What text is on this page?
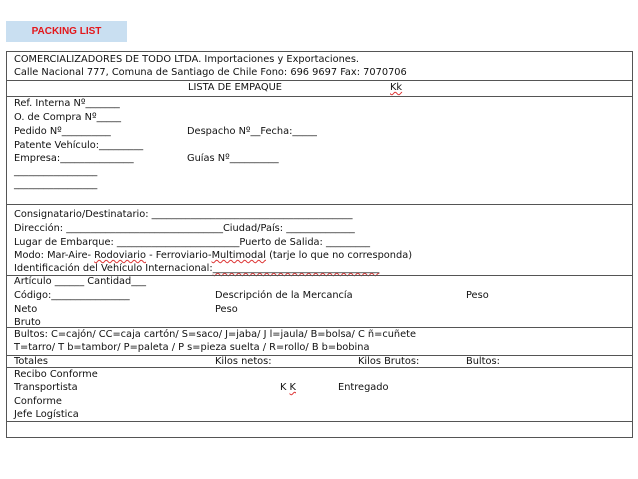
PACKING LIST
COMERCIALIZADORES DE TODO LTDA. Importaciones y Exportaciones.
Calle Nacional 777, Comuna de Santiago de Chile Fono: 696 9697 Fax: 7070706
LISTA DE EMPAQUE	Kk
Ref. Interna Nº_______
O. de Compra Nº_____
Pedido Nº__________	Despacho Nº__Fecha:_____
Patente Vehículo:_________
Empresa:_______________	Guías Nº__________
_________________
_________________
Consignatario/Destinatario: _________________________________________
Dirección: ________________________________Ciudad/País: ______________
Lugar de Embarque: _________________________Puerto de Salida: _________
Modo: Mar-Aire- Rodoviario - Ferroviario-Multimodal (tarje lo que no corresponda)
Identificación del Vehículo Internacional:__________________________________
Artículo ______ Cantidad___
Código:________________	Descripción de la Mercancía	Peso
Neto	Peso
Bruto
Bultos: C=cajón/ CC=caja cartón/ S=saco/ J=jaba/ J l=jaula/ B=bolsa/ C ñ=cuñete
T=tarro/ T b=tambor/ P=paleta / P s=pieza suelta / R=rollo/ B b=bobina
Totales	Kilos netos:	Kilos Brutos:	Bultos:
Recibo Conforme
Transportista	K K	Entregado
Conforme
Jefe Logística
